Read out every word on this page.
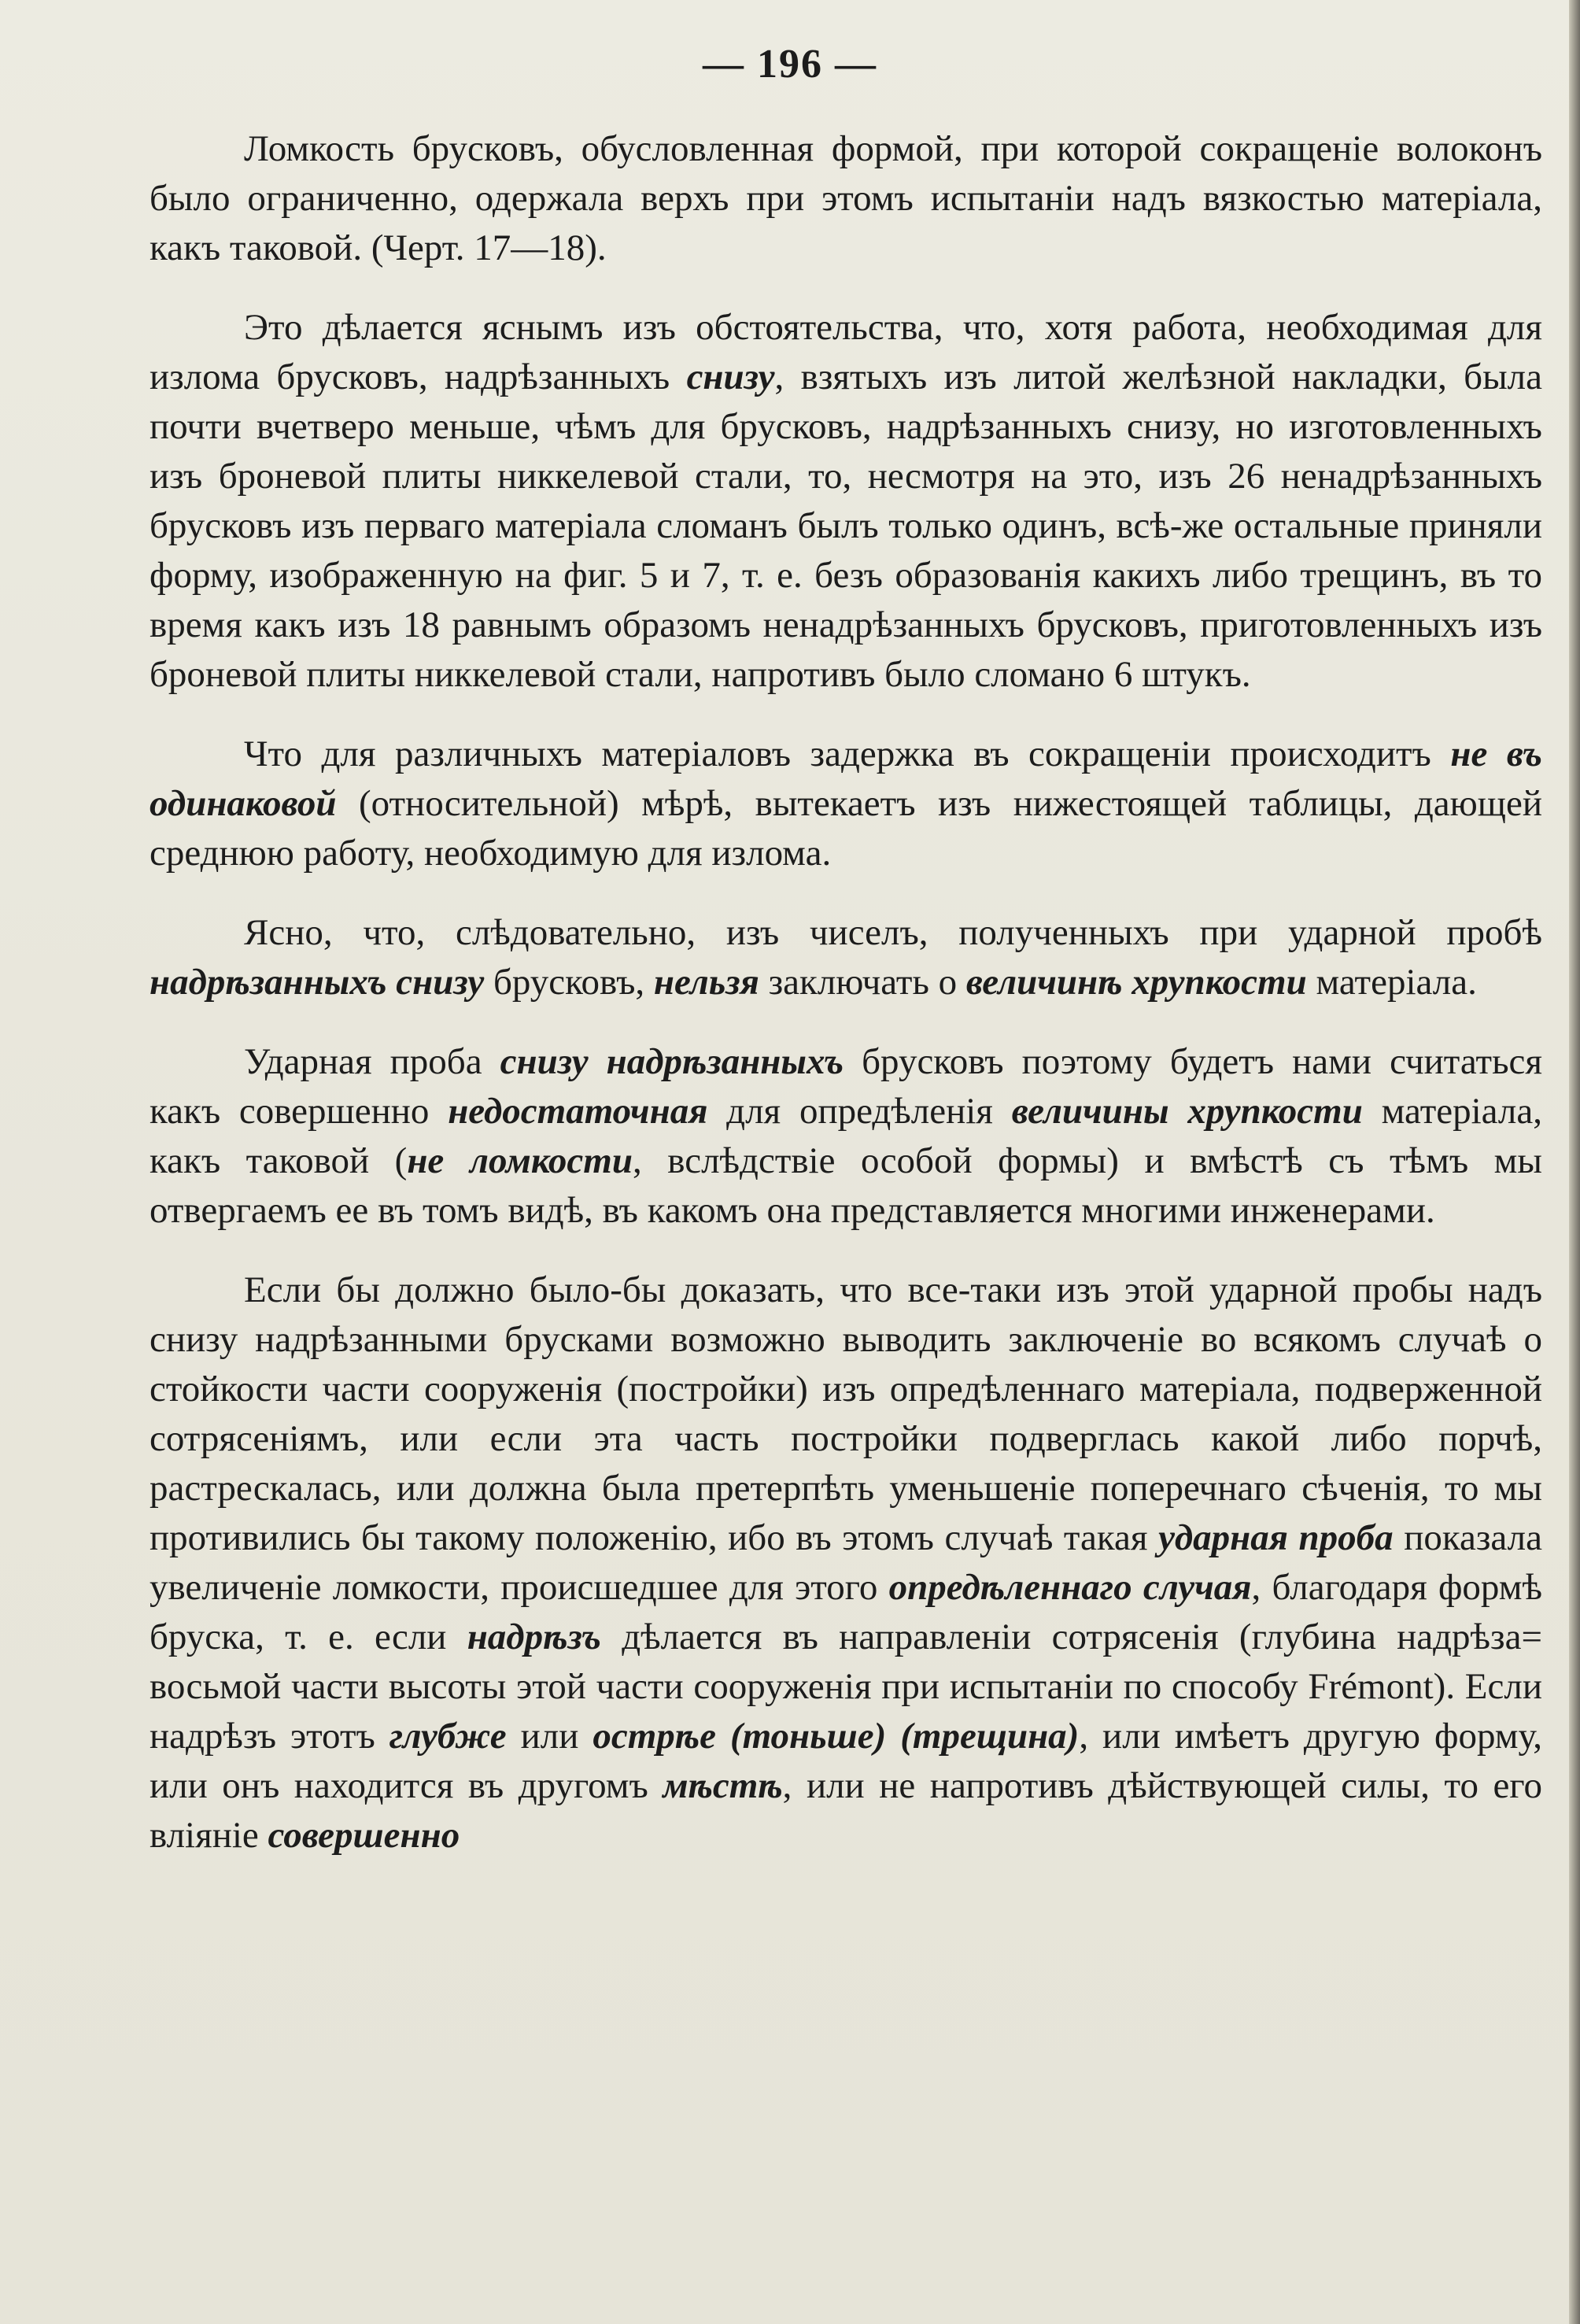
— 196 —

Ломкость брусковъ, обусловленная формой, при которой сокращеніе волоконъ было ограниченно, одержала верхъ при этомъ испытаніи надъ вязкостью матеріала, какъ таковой. (Черт. 17—18).

Это дѣлается яснымъ изъ обстоятельства, что, хотя работа, необходимая для излома брусковъ, надрѣзанныхъ снизу, взятыхъ изъ литой желѣзной накладки, была почти вчетверо меньше, чѣмъ для брусковъ, надрѣзанныхъ снизу, но изготовленныхъ изъ броневой плиты никкелевой стали, то, несмотря на это, изъ 26 ненадрѣзанныхъ брусковъ изъ перваго матеріала сломанъ былъ только одинъ, всѣ-же остальные приняли форму, изображенную на фиг. 5 и 7, т. е. безъ образованія какихъ либо трещинъ, въ то время какъ изъ 18 равнымъ образомъ ненадрѣзанныхъ брусковъ, приготовленныхъ изъ броневой плиты никкелевой стали, напротивъ было сломано 6 штукъ.

Что для различныхъ матеріаловъ задержка въ сокращеніи происходитъ не въ одинаковой (относительной) мѣрѣ, вытекаетъ изъ нижестоящей таблицы, дающей среднюю работу, необходимую для излома.

Ясно, что, слѣдовательно, изъ чиселъ, полученныхъ при ударной пробѣ надрѣзанныхъ снизу брусковъ, нельзя заключать о величинѣ хрупкости матеріала.

Ударная проба снизу надрѣзанныхъ брусковъ поэтому будетъ нами считаться какъ совершенно недостаточная для опредѣленія величины хрупкости матеріала, какъ таковой (не ломкости, вслѣдствіе особой формы) и вмѣстѣ съ тѣмъ мы отвергаемъ ее въ томъ видѣ, въ какомъ она представляется многими инженерами.

Если бы должно было-бы доказать, что все-таки изъ этой ударной пробы надъ снизу надрѣзанными брусками возможно выводить заключеніе во всякомъ случаѣ о стойкости части сооруженія (постройки) изъ опредѣленнаго матеріала, подверженной сотрясеніямъ, или если эта часть постройки подверглась какой либо порчѣ, растрескалась, или должна была претерпѣть уменьшеніе поперечнаго сѣченія, то мы противились бы такому положенію, ибо въ этомъ случаѣ такая ударная проба показала увеличеніе ломкости, происшедшее для этого опредѣленнаго случая, благодаря формѣ бруска, т. е. если надрѣзъ дѣлается въ направленіи сотрясенія (глубина надрѣза= восьмой части высоты этой части сооруженія при испытаніи по способу Frémont). Если надрѣзъ этотъ глубже или острѣе (тоньше) (трещина), или имѣетъ другую форму, или онъ находится въ другомъ мѣстѣ, или не напротивъ дѣйствующей силы, то его вліяніе совершенно
